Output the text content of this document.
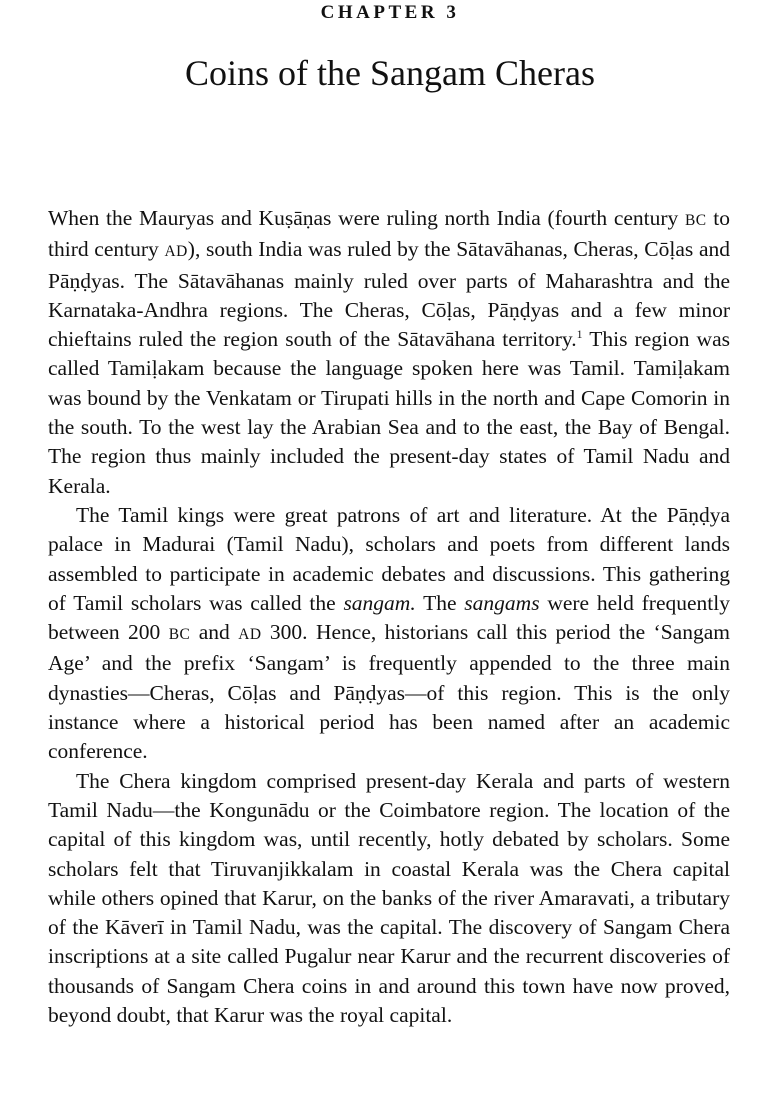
CHAPTER 3
Coins of the Sangam Cheras

When the Mauryas and Kuṣāṇas were ruling north India (fourth century BC to third century AD), south India was ruled by the Sātavāhanas, Cheras, Cōḷas and Pāṇḍyas. The Sātavāhanas mainly ruled over parts of Maharashtra and the Karnataka-Andhra regions. The Cheras, Cōḷas, Pāṇḍyas and a few minor chieftains ruled the region south of the Sātavāhana territory.$^1$ This region was called Tamiḷakam because the language spoken here was Tamil. Tamiḷakam was bound by the Venkatam or Tirupati hills in the north and Cape Comorin in the south. To the west lay the Arabian Sea and to the east, the Bay of Bengal. The region thus mainly included the present-day states of Tamil Nadu and Kerala.

The Tamil kings were great patrons of art and literature. At the Pāṇḍya palace in Madurai (Tamil Nadu), scholars and poets from different lands assembled to participate in academic debates and discussions. This gathering of Tamil scholars was called the sangam. The sangams were held frequently between 200 BC and AD 300. Hence, historians call this period the ‘Sangam Age’ and the prefix ‘Sangam’ is frequently appended to the three main dynasties—Cheras, Cōḷas and Pāṇḍyas—of this region. This is the only instance where a historical period has been named after an academic conference.

The Chera kingdom comprised present-day Kerala and parts of western Tamil Nadu—the Kongunādu or the Coimbatore region. The location of the capital of this kingdom was, until recently, hotly debated by scholars. Some scholars felt that Tiruvanjikkalam in coastal Kerala was the Chera capital while others opined that Karur, on the banks of the river Amaravati, a tributary of the Kāverī in Tamil Nadu, was the capital. The discovery of Sangam Chera inscriptions at a site called Pugalur near Karur and the recurrent discoveries of thousands of Sangam Chera coins in and around this town have now proved, beyond doubt, that Karur was the royal capital.
